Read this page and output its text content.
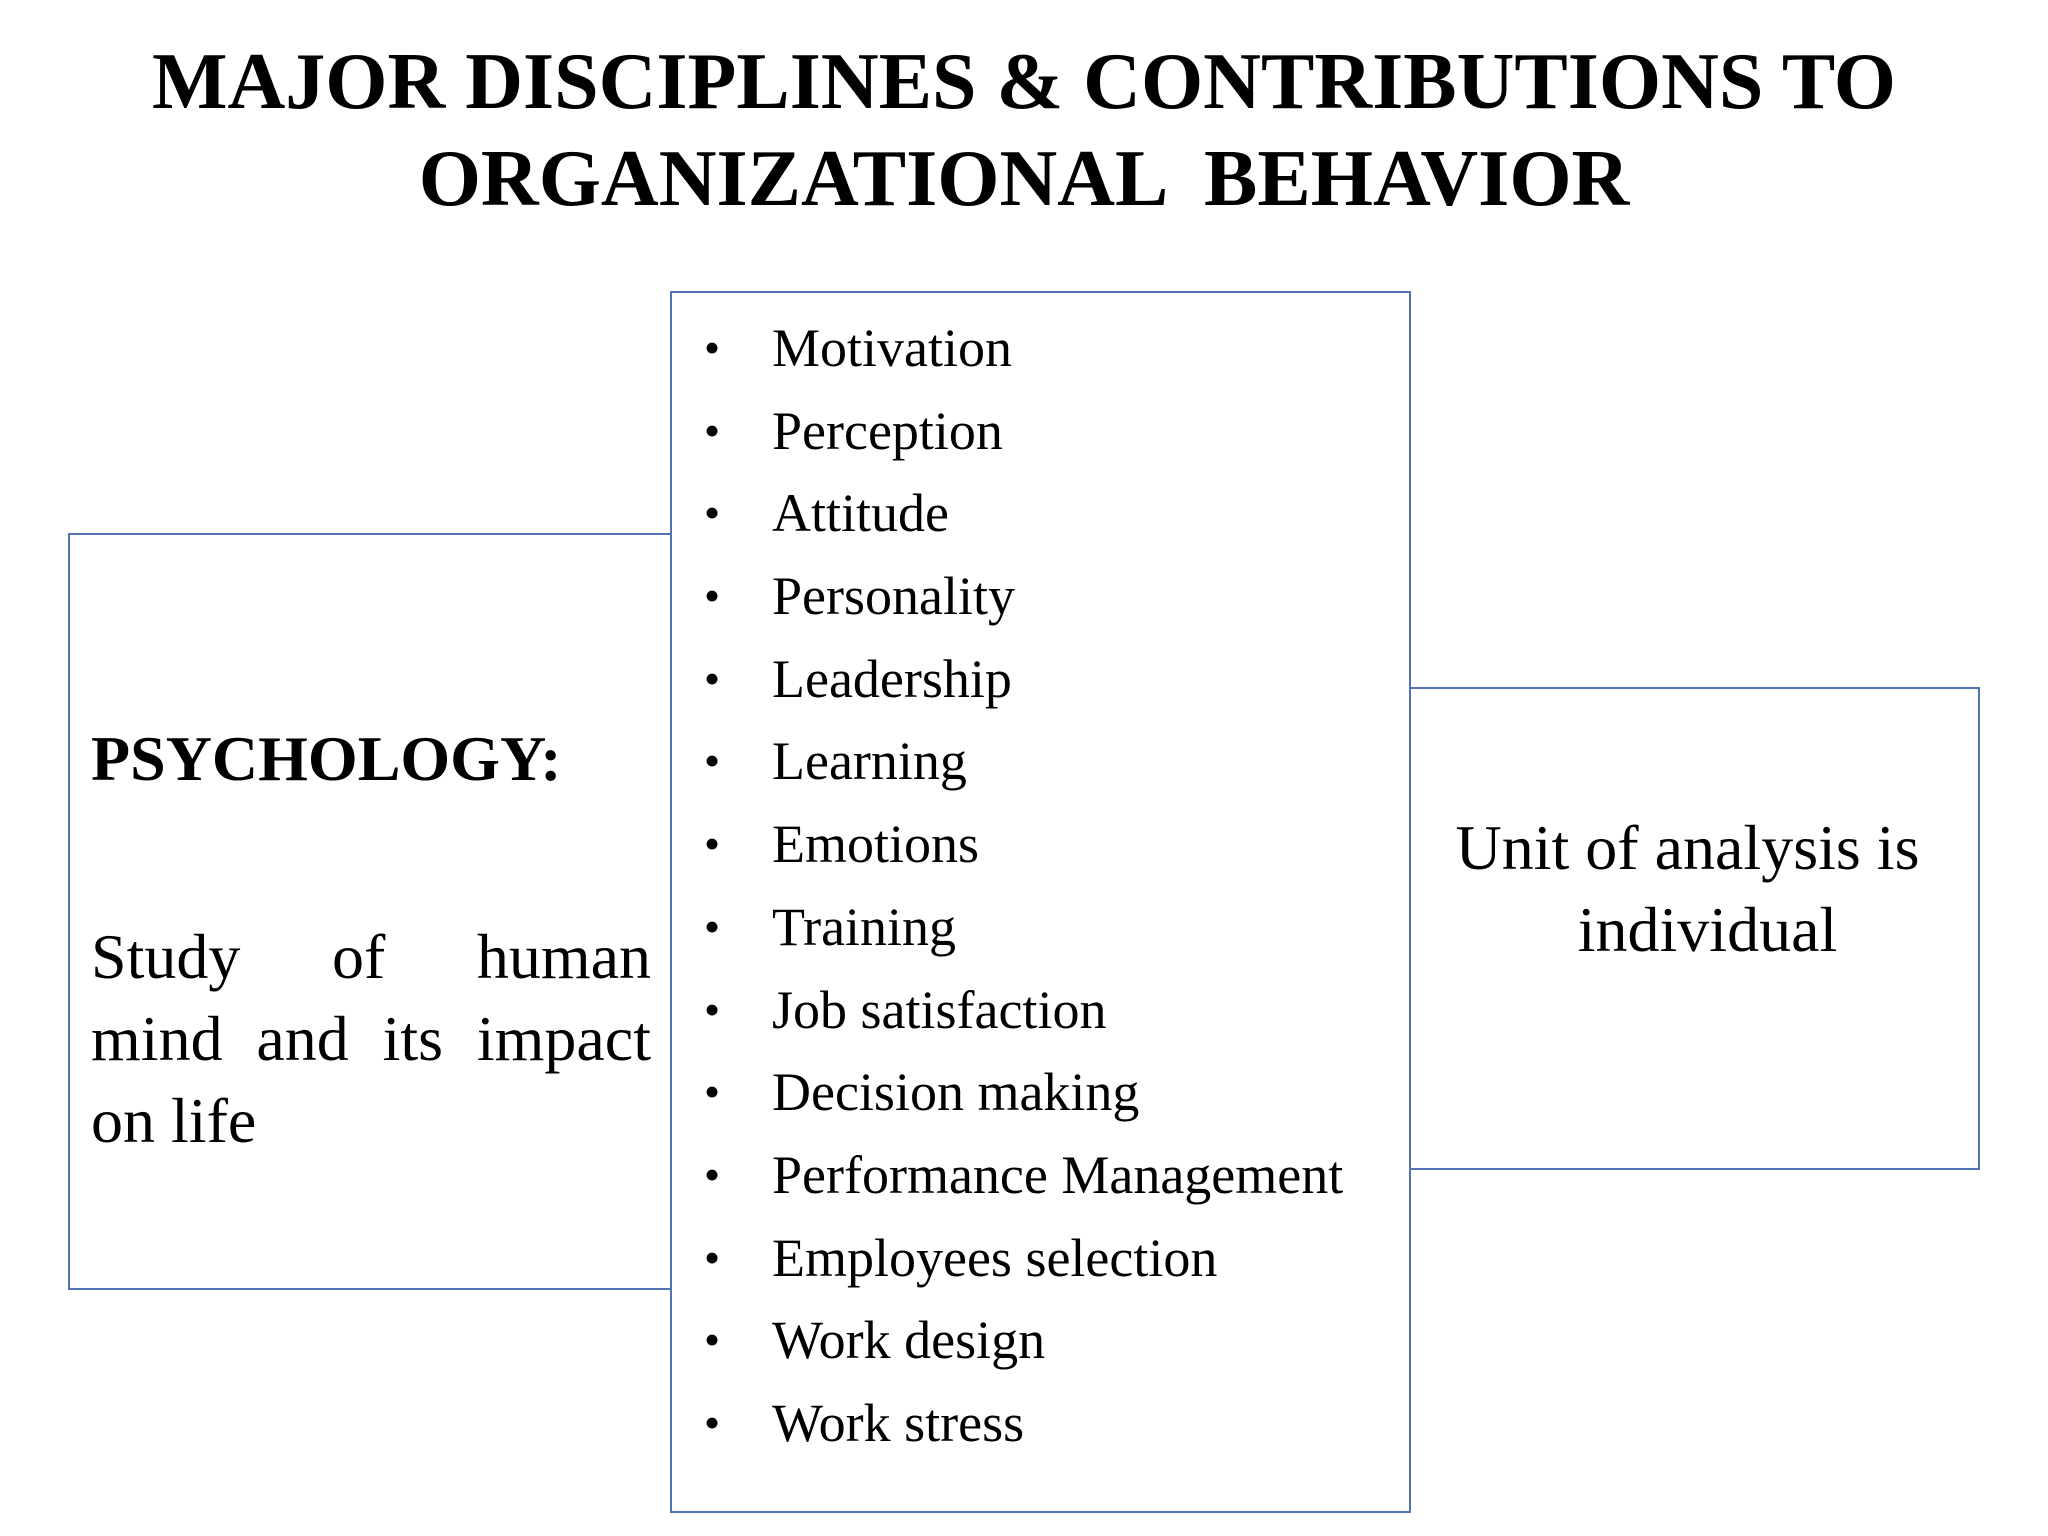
MAJOR DISCIPLINES & CONTRIBUTIONS TO
ORGANIZATIONAL  BEHAVIOR
PSYCHOLOGY:
Study of human
mind and its impact
on life
• Motivation
• Perception
• Attitude
• Personality
• Leadership
• Learning
• Emotions
• Training
• Job satisfaction
• Decision making
• Performance Management
• Employees selection
• Work design
• Work stress
Unit of analysis is
individual
